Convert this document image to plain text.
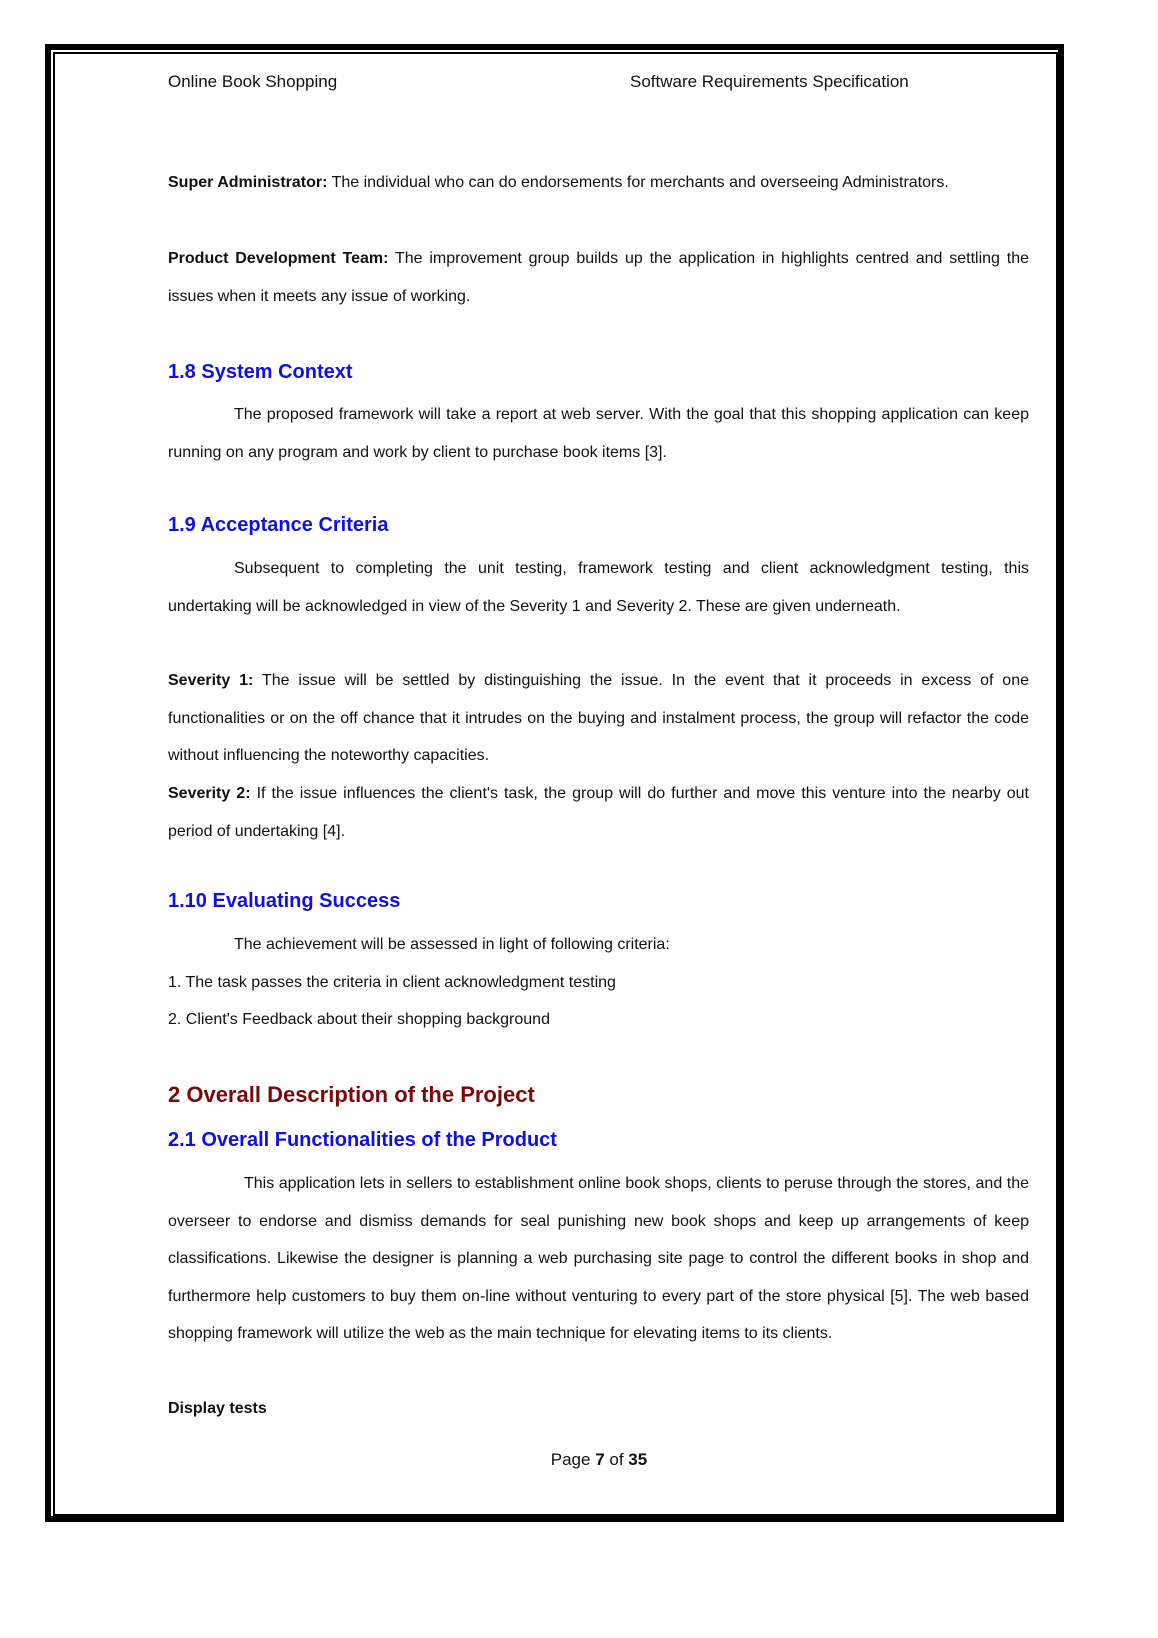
Online Book Shopping	Software Requirements Specification
Super Administrator: The individual who can do endorsements for merchants and overseeing Administrators.
Product Development Team: The improvement group builds up the application in highlights centred and settling the issues when it meets any issue of working.
1.8 System Context
The proposed framework will take a report at web server. With the goal that this shopping application can keep running on any program and work by client to purchase book items [3].
1.9 Acceptance Criteria
Subsequent to completing the unit testing, framework testing and client acknowledgment testing, this undertaking will be acknowledged in view of the Severity 1 and Severity 2. These are given underneath.
Severity 1: The issue will be settled by distinguishing the issue. In the event that it proceeds in excess of one functionalities or on the off chance that it intrudes on the buying and instalment process, the group will refactor the code without influencing the noteworthy capacities.
Severity 2: If the issue influences the client's task, the group will do further and move this venture into the nearby out period of undertaking [4].
1.10 Evaluating Success
The achievement will be assessed in light of following criteria:
1. The task passes the criteria in client acknowledgment testing
2. Client's Feedback about their shopping background
2 Overall Description of the Project
2.1 Overall Functionalities of the Product
This application lets in sellers to establishment online book shops, clients to peruse through the stores, and the overseer to endorse and dismiss demands for seal punishing new book shops and keep up arrangements of keep classifications. Likewise the designer is planning a web purchasing site page to control the different books in shop and furthermore help customers to buy them on-line without venturing to every part of the store physical [5]. The web based shopping framework will utilize the web as the main technique for elevating items to its clients.
Display tests
Page 7 of 35
